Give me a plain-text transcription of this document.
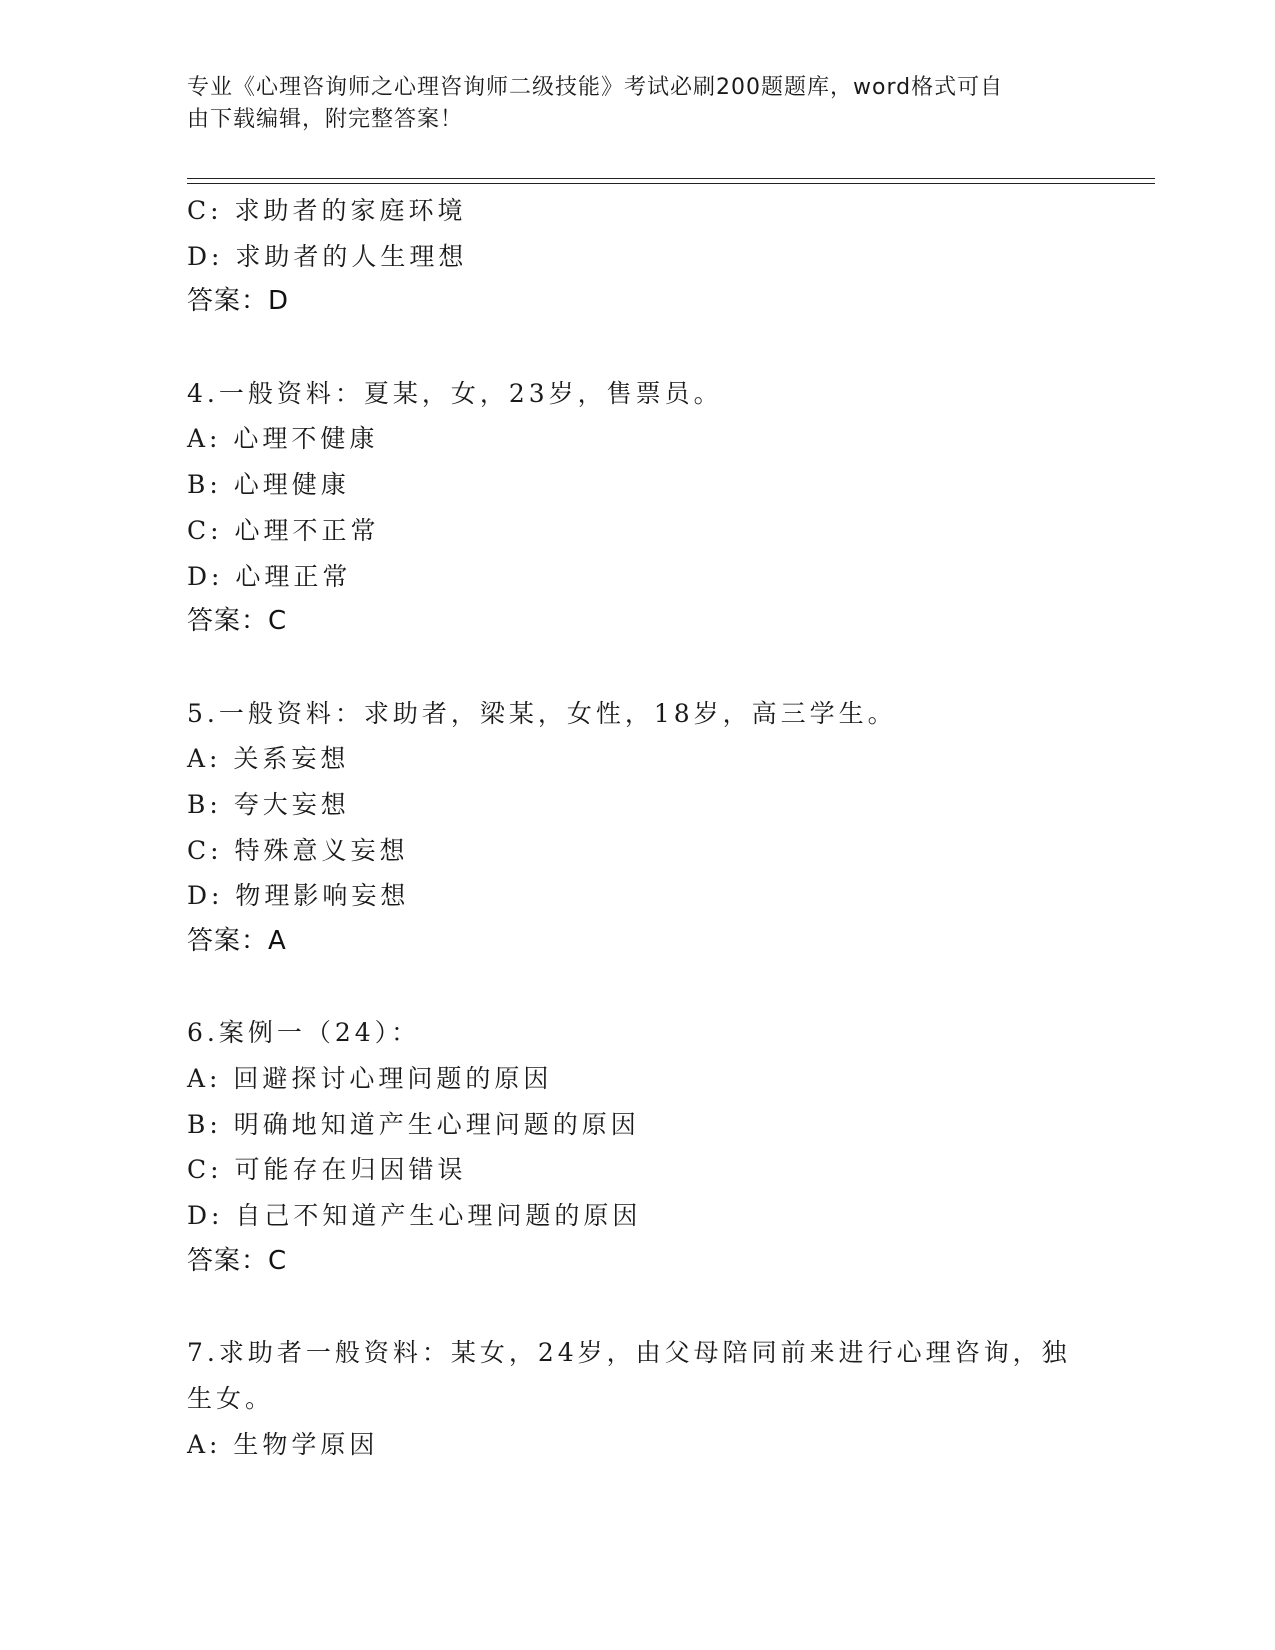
专业《心理咨询师之心理咨询师二级技能》考试必刷200题题库，word格式可自
由下载编辑，附完整答案！
C: 求助者的家庭环境
D: 求助者的人生理想
答案：D
4.一般资料：夏某，女，23岁，售票员。
A: 心理不健康
B: 心理健康
C: 心理不正常
D: 心理正常
答案：C
5.一般资料：求助者，梁某，女性，18岁，高三学生。
A: 关系妄想
B: 夸大妄想
C: 特殊意义妄想
D: 物理影响妄想
答案：A
6.案例一（24）：
A: 回避探讨心理问题的原因
B: 明确地知道产生心理问题的原因
C: 可能存在归因错误
D: 自己不知道产生心理问题的原因
答案：C
7.求助者一般资料：某女，24岁，由父母陪同前来进行心理咨询，独
生女。
A: 生物学原因
